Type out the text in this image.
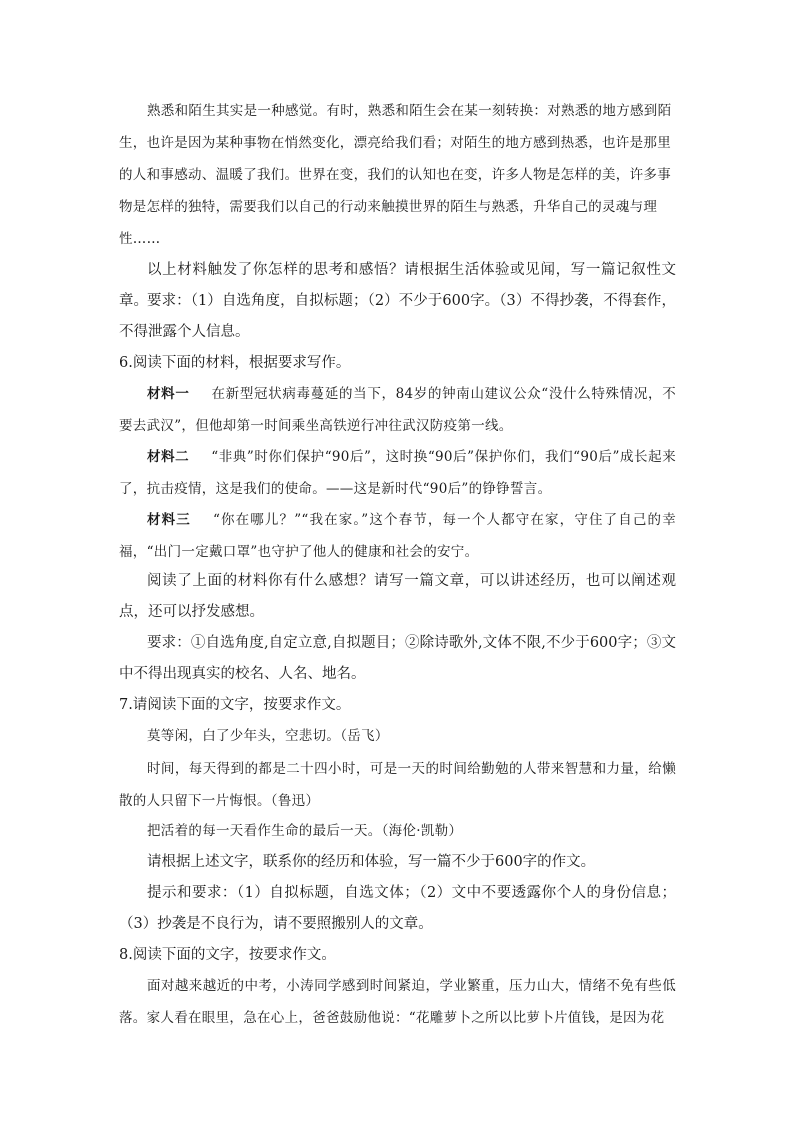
熟悉和陌生其实是一种感觉。有时，熟悉和陌生会在某一刻转换：对熟悉的地方感到陌
生，也许是因为某种事物在悄然变化，漂亮给我们看；对陌生的地方感到热悉，也许是那里
的人和事感动、温暖了我们。世界在变，我们的认知也在变，许多人物是怎样的美，许多事
物是怎样的独特，需要我们以自己的行动来触摸世界的陌生与熟悉，升华自己的灵魂与理
性……

以上材料触发了你怎样的思考和感悟？请根据生活体验或见闻，写一篇记叙性文章。 要求：（1）自选角度，自拟标题；（2）不少于600字。（3）不得抄袭，不得套作，不得泄露个人信息。

6.阅读下面的材料，根据要求写作。

材料一 在新型冠状病毒蔓延的当下，84岁的钟南山建议公众“没什么特殊情况，不要去武汉”，但他却第一时间乘坐高铁逆行冲往武汉防疫第一线。

材料二 “非典”时你们保护“90后”，这时换“90后”保护你们，我们“90后”成长起来了，抗击疫情，这是我们的使命。——这是新时代“90后”的铮铮誓言。

材料三 “你在哪儿？”“我在家。”这个春节，每一个人都守在家，守住了自己的幸福，“出门一定戴口罩”也守护了他人的健康和社会的安宁。

阅读了上面的材料你有什么感想？请写一篇文章，可以讲述经历，也可以阐述观点，还可以抒发感想。

要求：①自选角度,自定立意,自拟题目；②除诗歌外,文体不限,不少于600字；③文中不得出现真实的校名、人名、地名。

7.请阅读下面的文字，按要求作文。

莫等闲，白了少年头，空悲切。（岳飞）

时间，每天得到的都是二十四小时，可是一天的时间给勤勉的人带来智慧和力量，给懒散的人只留下一片悔恨。（鲁迅）

把活着的每一天看作生命的最后一天。（海伦·凯勒）

请根据上述文字，联系你的经历和体验，写一篇不少于600字的作文。

提示和要求：（1）自拟标题，自选文体；（2）文中不要透露你个人的身份信息；（3）抄袭是不良行为，请不要照搬别人的文章。

8.阅读下面的文字，按要求作文。

面对越来越近的中考，小涛同学感到时间紧迫，学业繁重，压力山大，情绪不免有些低落。家人看在眼里，急在心上，爸爸鼓励他说：“花雕萝卜之所以比萝卜片值钱，是因为花
